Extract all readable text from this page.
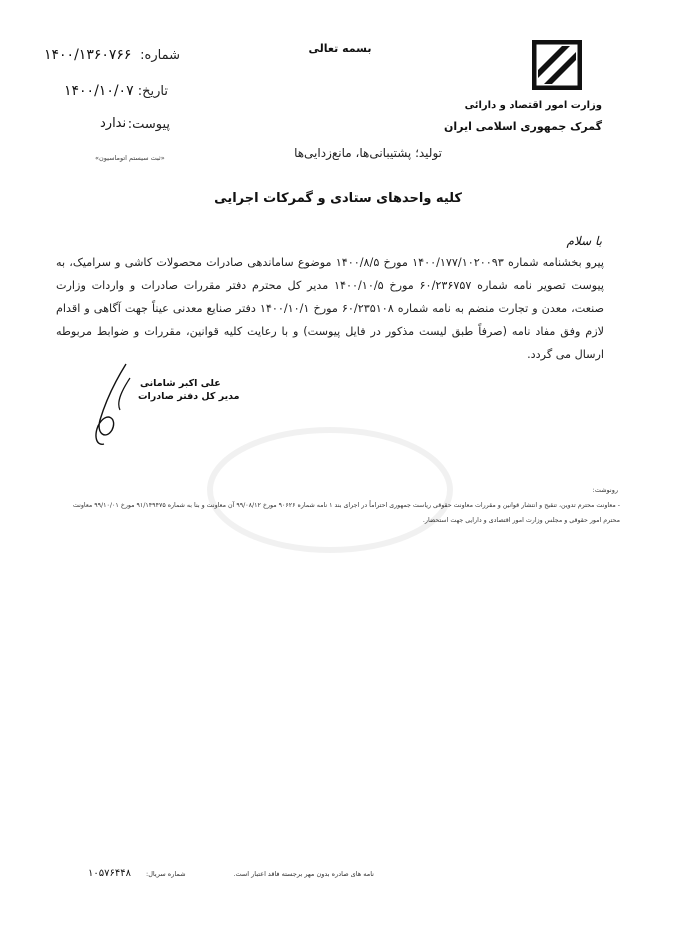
بسمه تعالی
وزارت امور اقتصاد و دارائی
گمرک جمهوری اسلامی ایران
شماره:
۱۴۰۰/۱۳۶۰۷۶۶
تاریخ:
۱۴۰۰/۱۰/۰۷
پیوست:
ندارد
«ثبت سیستم اتوماسیون»	تولید؛ پشتیبانی‌ها، مانع‌زدایی‌ها
کلیه واحدهای ستادی و گمرکات اجرایی
با سلام
پیرو بخشنامه شماره ۱۴۰۰/۱۷۷/۱۰۲۰۰۹۳ مورخ ۱۴۰۰/۸/۵ موضوع ساماندهی صادرات محصولات کاشی و سرامیک، به پیوست تصویر نامه شماره ۶۰/۲۳۶۷۵۷ مورخ ۱۴۰۰/۱۰/۵ مدیر کل محترم دفتر مقررات صادرات و واردات وزارت صنعت، معدن و تجارت منضم به نامه شماره ۶۰/۲۳۵۱۰۸ مورخ ۱۴۰۰/۱۰/۱ دفتر صنایع معدنی عیناً جهت آگاهی و اقدام لازم وفق مفاد نامه (صرفاً طبق لیست مذکور در فایل پیوست) و با رعایت کلیه قوانین، مقررات و ضوابط مربوطه ارسال می گردد.
علی اکبر شامانی
مدیر کل دفتر صادرات
رونوشت:
- معاونت محترم تدوین، تنقیح و انتشار قوانین و مقررات معاونت حقوقی ریاست جمهوری احتراماً در اجرای بند ۱ نامه شماره ۹۰۶۲۶ مورخ ۹۹/۰۸/۱۲ آن معاونت و بنا به شماره ۹۱/۱۴۹۴۷۵ مورخ ۹۹/۱۰/۰۱ معاونت محترم امور حقوقی و مجلس وزارت امور اقتصادی و دارایی جهت استحضار.
۱۰۵۷۶۴۴۸ شماره سریال:	نامه های صادره بدون مهر برجسته فاقد اعتبار است.
